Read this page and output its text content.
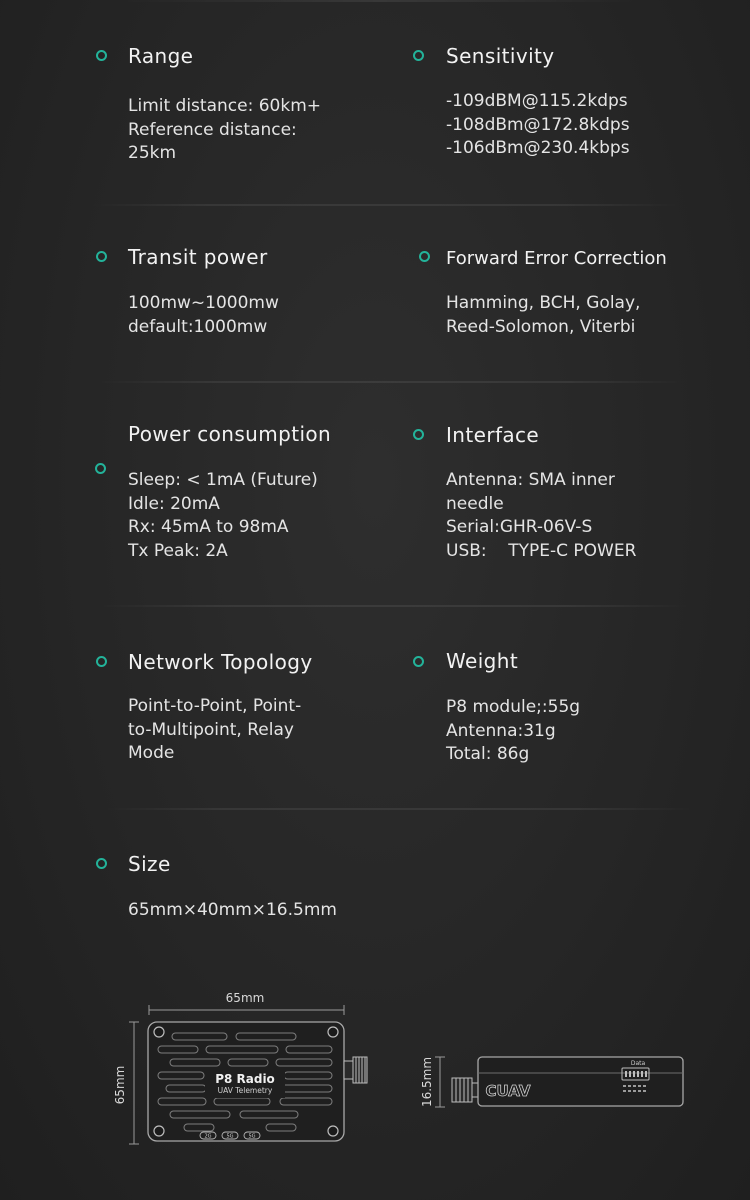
Range
Limit distance: 60km+
Reference distance:
25km
Sensitivity
-109dBM@115.2kdps
-108dBm@172.8kdps
-106dBm@230.4kbps
Transit power
100mw~1000mw
default:1000mw
Forward Error Correction
Hamming, BCH, Golay,
Reed-Solomon, Viterbi
Power consumption
Sleep: < 1mA (Future)
Idle: 20mA
Rx: 45mA to 98mA
Tx Peak: 2A
Interface
Antenna: SMA inner
needle
Serial:GHR-06V-S
USB:    TYPE-C POWER
Network Topology
Point-to-Point, Point-
to-Multipoint, Relay
Mode
Weight
P8 module;:55g
Antenna:31g
Total: 86g
Size
65mm×40mm×16.5mm
65mm
65mm	P8 Radio
UAV Telemetry
2G	5G	5G
16.5mm	CUAV
Data
